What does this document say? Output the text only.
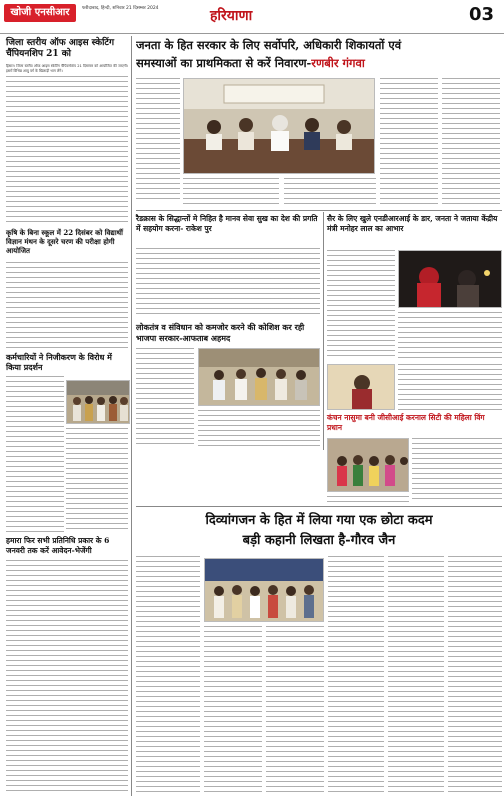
खोजी एनसीआर	फरीदाबाद, हिन्दी, शनिवार 21 दिसम्बर 2024	हरियाणा	03
जिला स्तरीय ऑफ आइस स्केटिंग चैंपियनशिप 21 को
हिसार। जिला स्तरीय ऑफ आइस स्केटिंग चैंपियनशिप 21 दिसम्बर को आयोजित की जाएगी। इसमें विभिन्न आयु वर्ग के खिलाड़ी भाग लेंगे।
कृषि के बिना स्कूल में 22 दिसंबर को विद्यार्थी विज्ञान मंथन के दूसरे चरण की परीक्षा होगी आयोजित
कर्मचारियों ने निजीकरण के विरोध में किया प्रदर्शन
हमारा फिर सभी प्रतिनिधि प्रकार के 6 जनवरी तक करें आवेदन-भेजेंगी
जनता के हित सरकार के लिए सर्वोपरि, अधिकारी शिकायतों एवं
समस्याओं का प्राथमिकता से करें निवारण-रणबीर गंगवा
रैडक्रास के सिद्धान्तों मे निहित है मानव सेवा सुख का देश की प्रगति में सहयोग करना- राकेश पुर
लोकतंत्र व संविधान को कमजोर करने की कोशिश कर रही भाजपा सरकार-आफताब अहमद
सैर के लिए खुले एनडीआरआई के डार, जनता ने जताया केंद्रीय मंत्री मनोहर लाल का आभार
कंचन नासुमा बनी जीसीआई करनाल सिटी की महिला विंग प्रधान
दिव्यांगजन के हित में लिया गया एक छोटा कदम
बड़ी कहानी लिखता है-गौरव जैन
